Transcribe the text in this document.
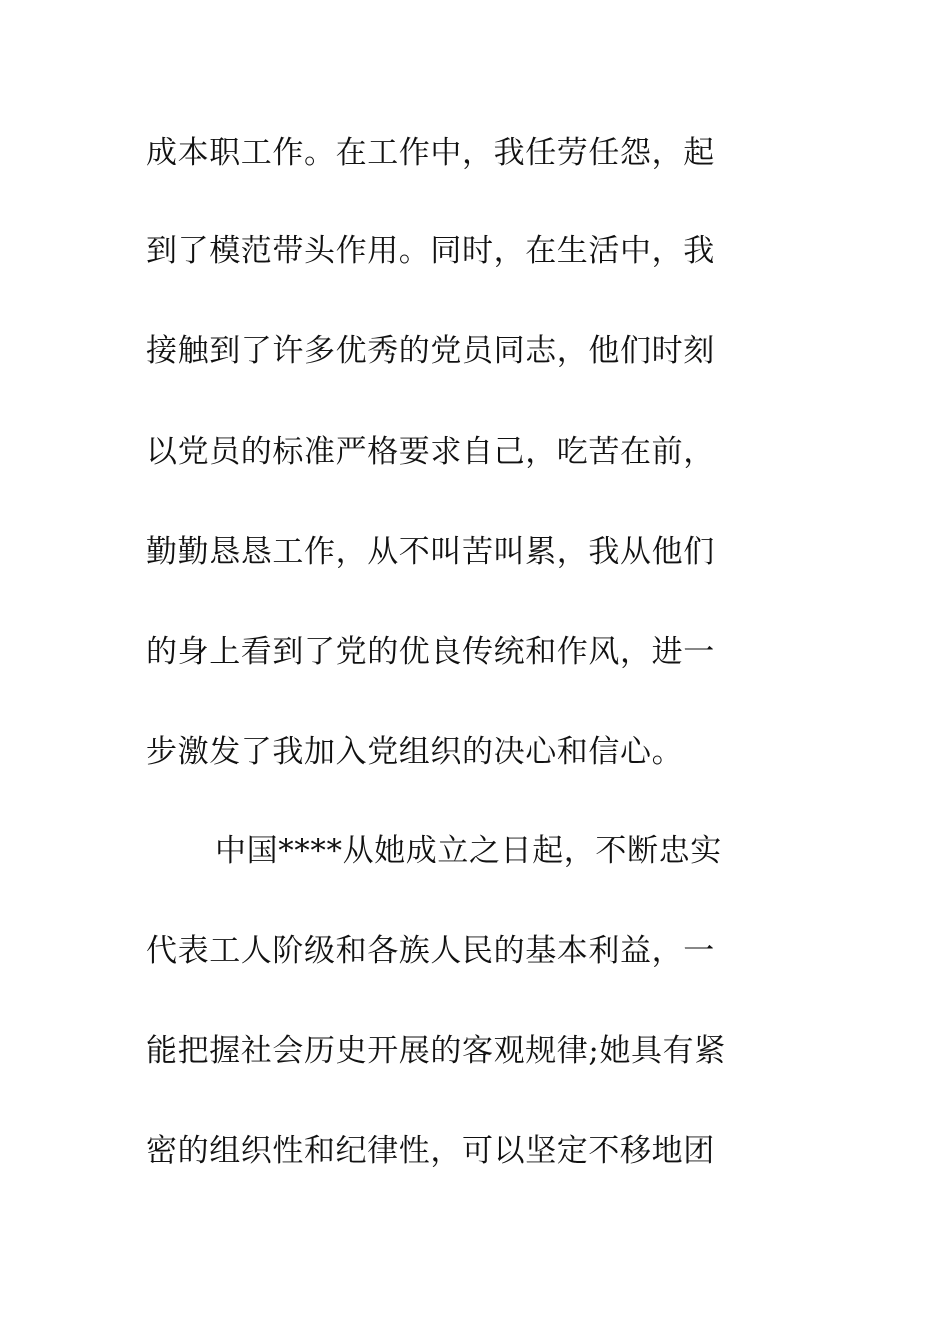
成本职工作。在工作中，我任劳任怨，起
到了模范带头作用。同时，在生活中，我
接触到了许多优秀的党员同志，他们时刻
以党员的标准严格要求自己，吃苦在前，
勤勤恳恳工作，从不叫苦叫累，我从他们
的身上看到了党的优良传统和作风，进一
步激发了我加入党组织的决心和信心。
中国****从她成立之日起，不断忠实
代表工人阶级和各族人民的基本利益，一
能把握社会历史开展的客观规律;她具有紧
密的组织性和纪律性，可以坚定不移地团
